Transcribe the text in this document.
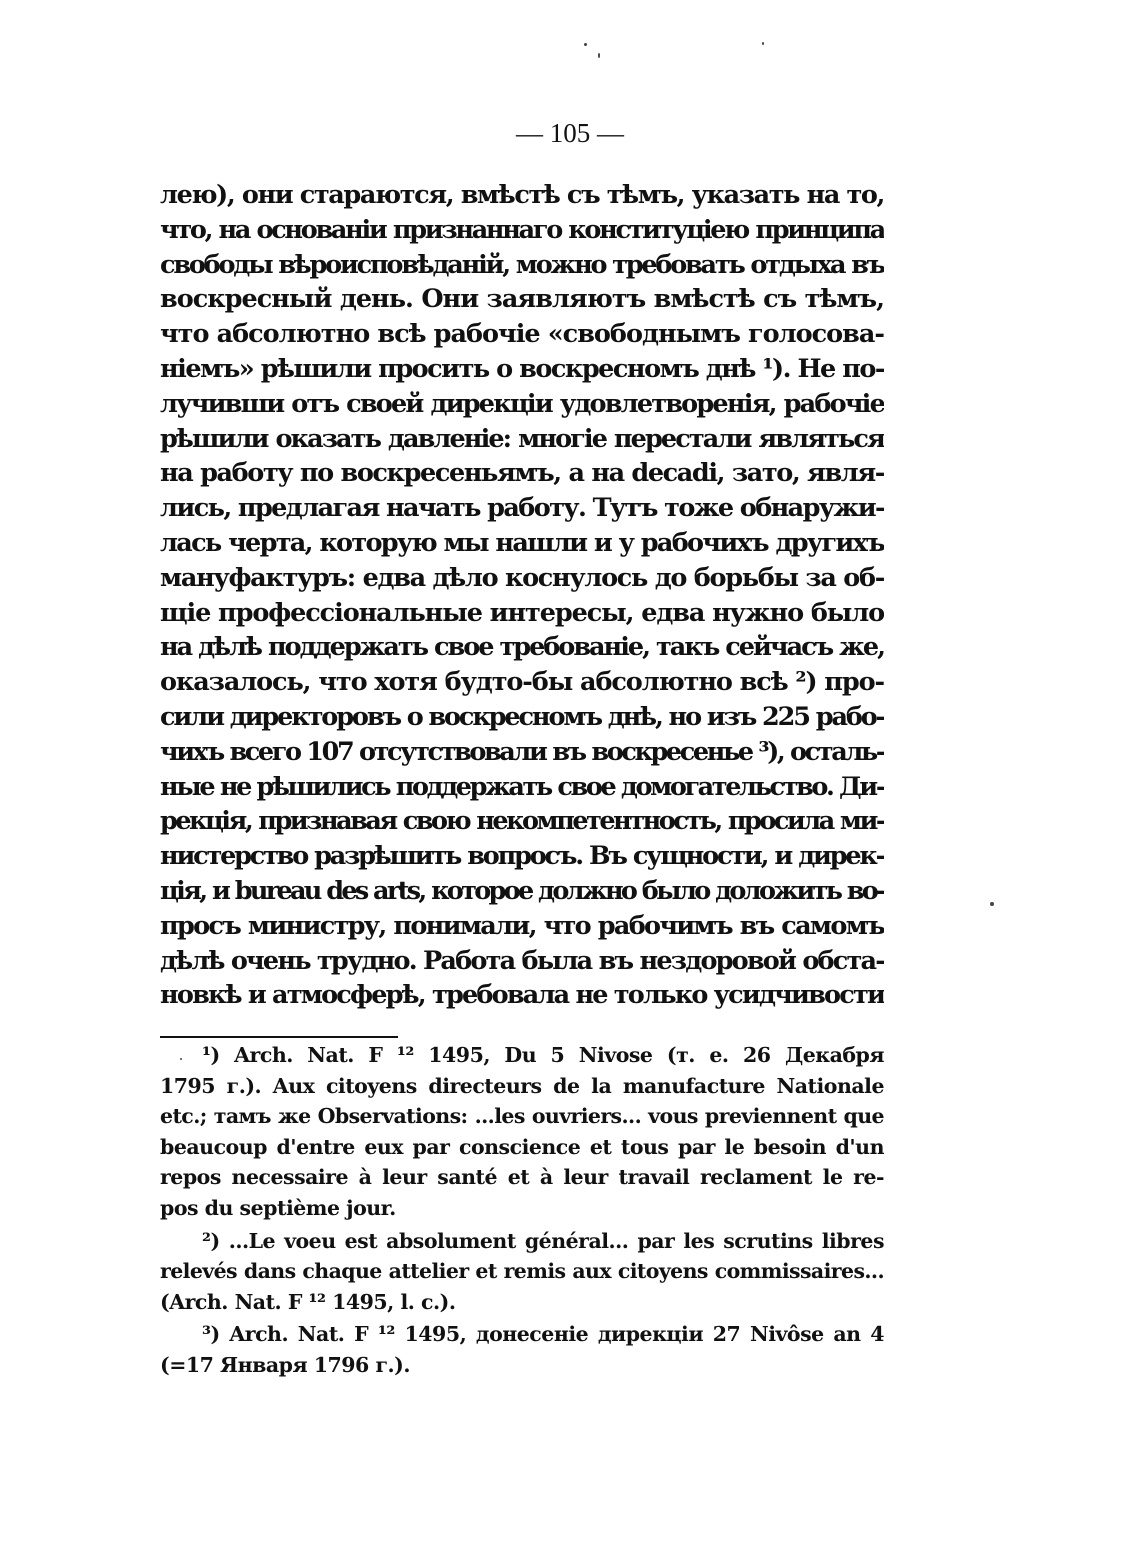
— 105 —
лею), они стараются, вмѣстѣ съ тѣмъ, указать на то,
что, на основанiи признаннаго конституцiею принципа
свободы вѣроисповѣданiй, можно требовать отдыха въ
воскресный день. Они заявляютъ вмѣстѣ съ тѣмъ,
что абсолютно всѣ рабочiе «свободнымъ голосова-
нiемъ» рѣшили просить о воскресномъ днѣ ¹). Не по-
лучивши отъ своей дирекцiи удовлетворенiя, рабочiе
рѣшили оказать давленiе: многiе перестали являться
на работу по воскресеньямъ, а на decadi, зато, явля-
лись, предлагая начать работу. Тутъ тоже обнаружи-
лась черта, которую мы нашли и у рабочихъ другихъ
мануфактуръ: едва дѣло коснулось до борьбы за об-
щiе профессiональные интересы, едва нужно было
на дѣлѣ поддержать свое требованiе, такъ сейчасъ же,
оказалось, что хотя будто-бы абсолютно всѣ ²) про-
сили директоровъ о воскресномъ днѣ, но изъ 225 рабо-
чихъ всего 107 отсутствовали въ воскресенье ³), осталь-
ные не рѣшились поддержать свое домогательство. Ди-
рекцiя, признавая свою некомпетентность, просила ми-
нистерство разрѣшить вопросъ. Въ сущности, и дирек-
цiя, и bureau des arts, которое должно было доложить во-
просъ министру, понимали, что рабочимъ въ самомъ
дѣлѣ очень трудно. Работа была въ нездоровой обста-
новкѣ и атмосферѣ, требовала не только усидчивости
¹) Arch. Nat. F ¹² 1495, Du 5 Nivose (т. е. 26 Декабря
1795 г.). Aux citoyens directeurs de la manufacture Nationale
etc.; тамъ же Observations: ...les ouvriers... vous previennent que
beaucoup d'entre eux par conscience et tous par le besoin d'un
repos necessaire à leur santé et à leur travail reclament le re-
pos du septième jour.
²) ...Le voeu est absolument général... par les scrutins libres
relevés dans chaque attelier et remis aux citoyens commissaires...
(Arch. Nat. F ¹² 1495, l. c.).
³) Arch. Nat. F ¹² 1495, донесенiе дирекцiи 27 Nivôse an 4
(=17 Января 1796 г.).
